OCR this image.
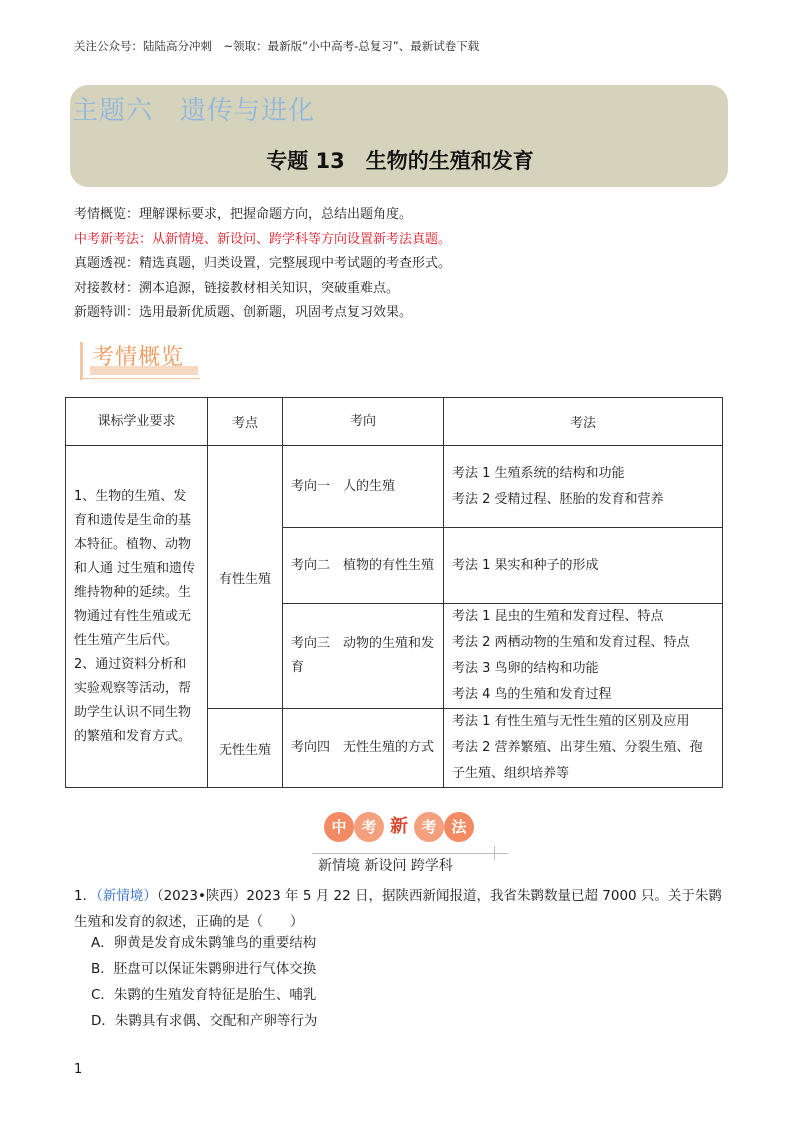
关注公众号：陆陆高分冲刺　~领取：最新版“小中高考-总复习”、最新试卷下载
主题六　遗传与进化
专题 13　生物的生殖和发育
考情概览：理解课标要求，把握命题方向，总结出题角度。
中考新考法：从新情境、新设问、跨学科等方向设置新考法真题。
真题透视：精选真题，归类设置，完整展现中考试题的考查形式。
对接教材：溯本追源，链接教材相关知识，突破重难点。
新题特训：选用最新优质题、创新题，巩固考点复习效果。
考情概览
课标学业要求	考点	考向	考法
1、生物的生殖、发育和遗传是生命的基本特征。植物、动物和人通 过生殖和遗传维持物种的延续。生物通过有性生殖或无性生殖产生后代。2、通过资料分析和实验观察等活动，帮助学生认识不同生物的繁殖和发育方式。	有性生殖	考向一　人的生殖	考法 1 生殖系统的结构和功能
考法 2 受精过程、胚胎的发育和营养

		考向二　植物的有性生殖	考法 1 果实和种子的形成

		考向三　动物的生殖和发育	考法 1 昆虫的生殖和发育过程、特点
考法 2 两栖动物的生殖和发育过程、特点
考法 3 鸟卵的结构和功能
考法 4 鸟的生殖和发育过程

	无性生殖	考向四　无性生殖的方式	考法 1 有性生殖与无性生殖的区别及应用
考法 2 营养繁殖、出芽生殖、分裂生殖、孢子生殖、组织培养等
中 考 新 考 法
新情境 新设问 跨学科
1．（新情境）（2023•陕西）2023 年 5 月 22 日，据陕西新闻报道，我省朱鹮数量已超 7000 只。关于朱鹮生殖和发育的叙述，正确的是（　　）
A．卵黄是发育成朱鹮雏鸟的重要结构
B．胚盘可以保证朱鹮卵进行气体交换
C．朱鹮的生殖发育特征是胎生、哺乳
D．朱鹮具有求偶、交配和产卵等行为
1
